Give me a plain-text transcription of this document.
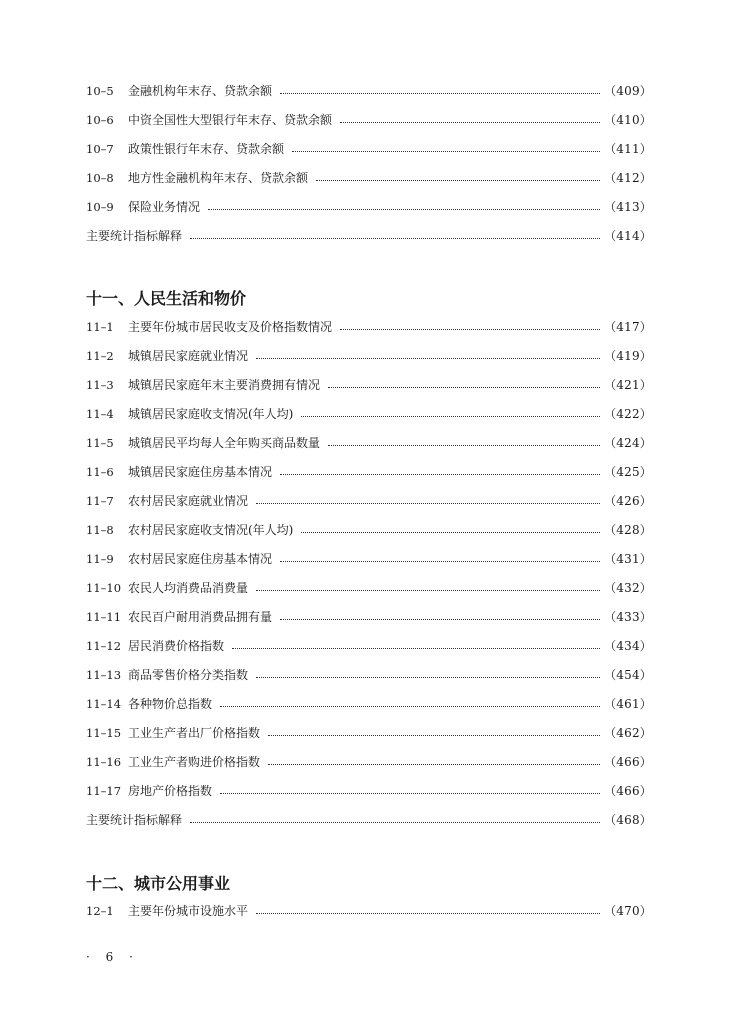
10–5	金融机构年末存、贷款余额	（409）
10–6	中资全国性大型银行年末存、贷款余额	（410）
10–7	政策性银行年末存、贷款余额	（411）
10–8	地方性金融机构年末存、贷款余额	（412）
10–9	保险业务情况	（413）
主要统计指标解释	（414）
十一、人民生活和物价
11–1	主要年份城市居民收支及价格指数情况	（417）
11–2	城镇居民家庭就业情况	（419）
11–3	城镇居民家庭年末主要消费拥有情况	（421）
11–4	城镇居民家庭收支情况(年人均)	（422）
11–5	城镇居民平均每人全年购买商品数量	（424）
11–6	城镇居民家庭住房基本情况	（425）
11–7	农村居民家庭就业情况	（426）
11–8	农村居民家庭收支情况(年人均)	（428）
11–9	农村居民家庭住房基本情况	（431）
11–10 农民人均消费品消费量	（432）
11–11 农民百户耐用消费品拥有量	（433）
11–12 居民消费价格指数	（434）
11–13 商品零售价格分类指数	（454）
11–14 各种物价总指数	（461）
11–15 工业生产者出厂价格指数	（462）
11–16 工业生产者购进价格指数	（466）
11–17 房地产价格指数	（466）
主要统计指标解释	（468）
十二、城市公用事业
12–1	主要年份城市设施水平	（470）
· 6 ·
